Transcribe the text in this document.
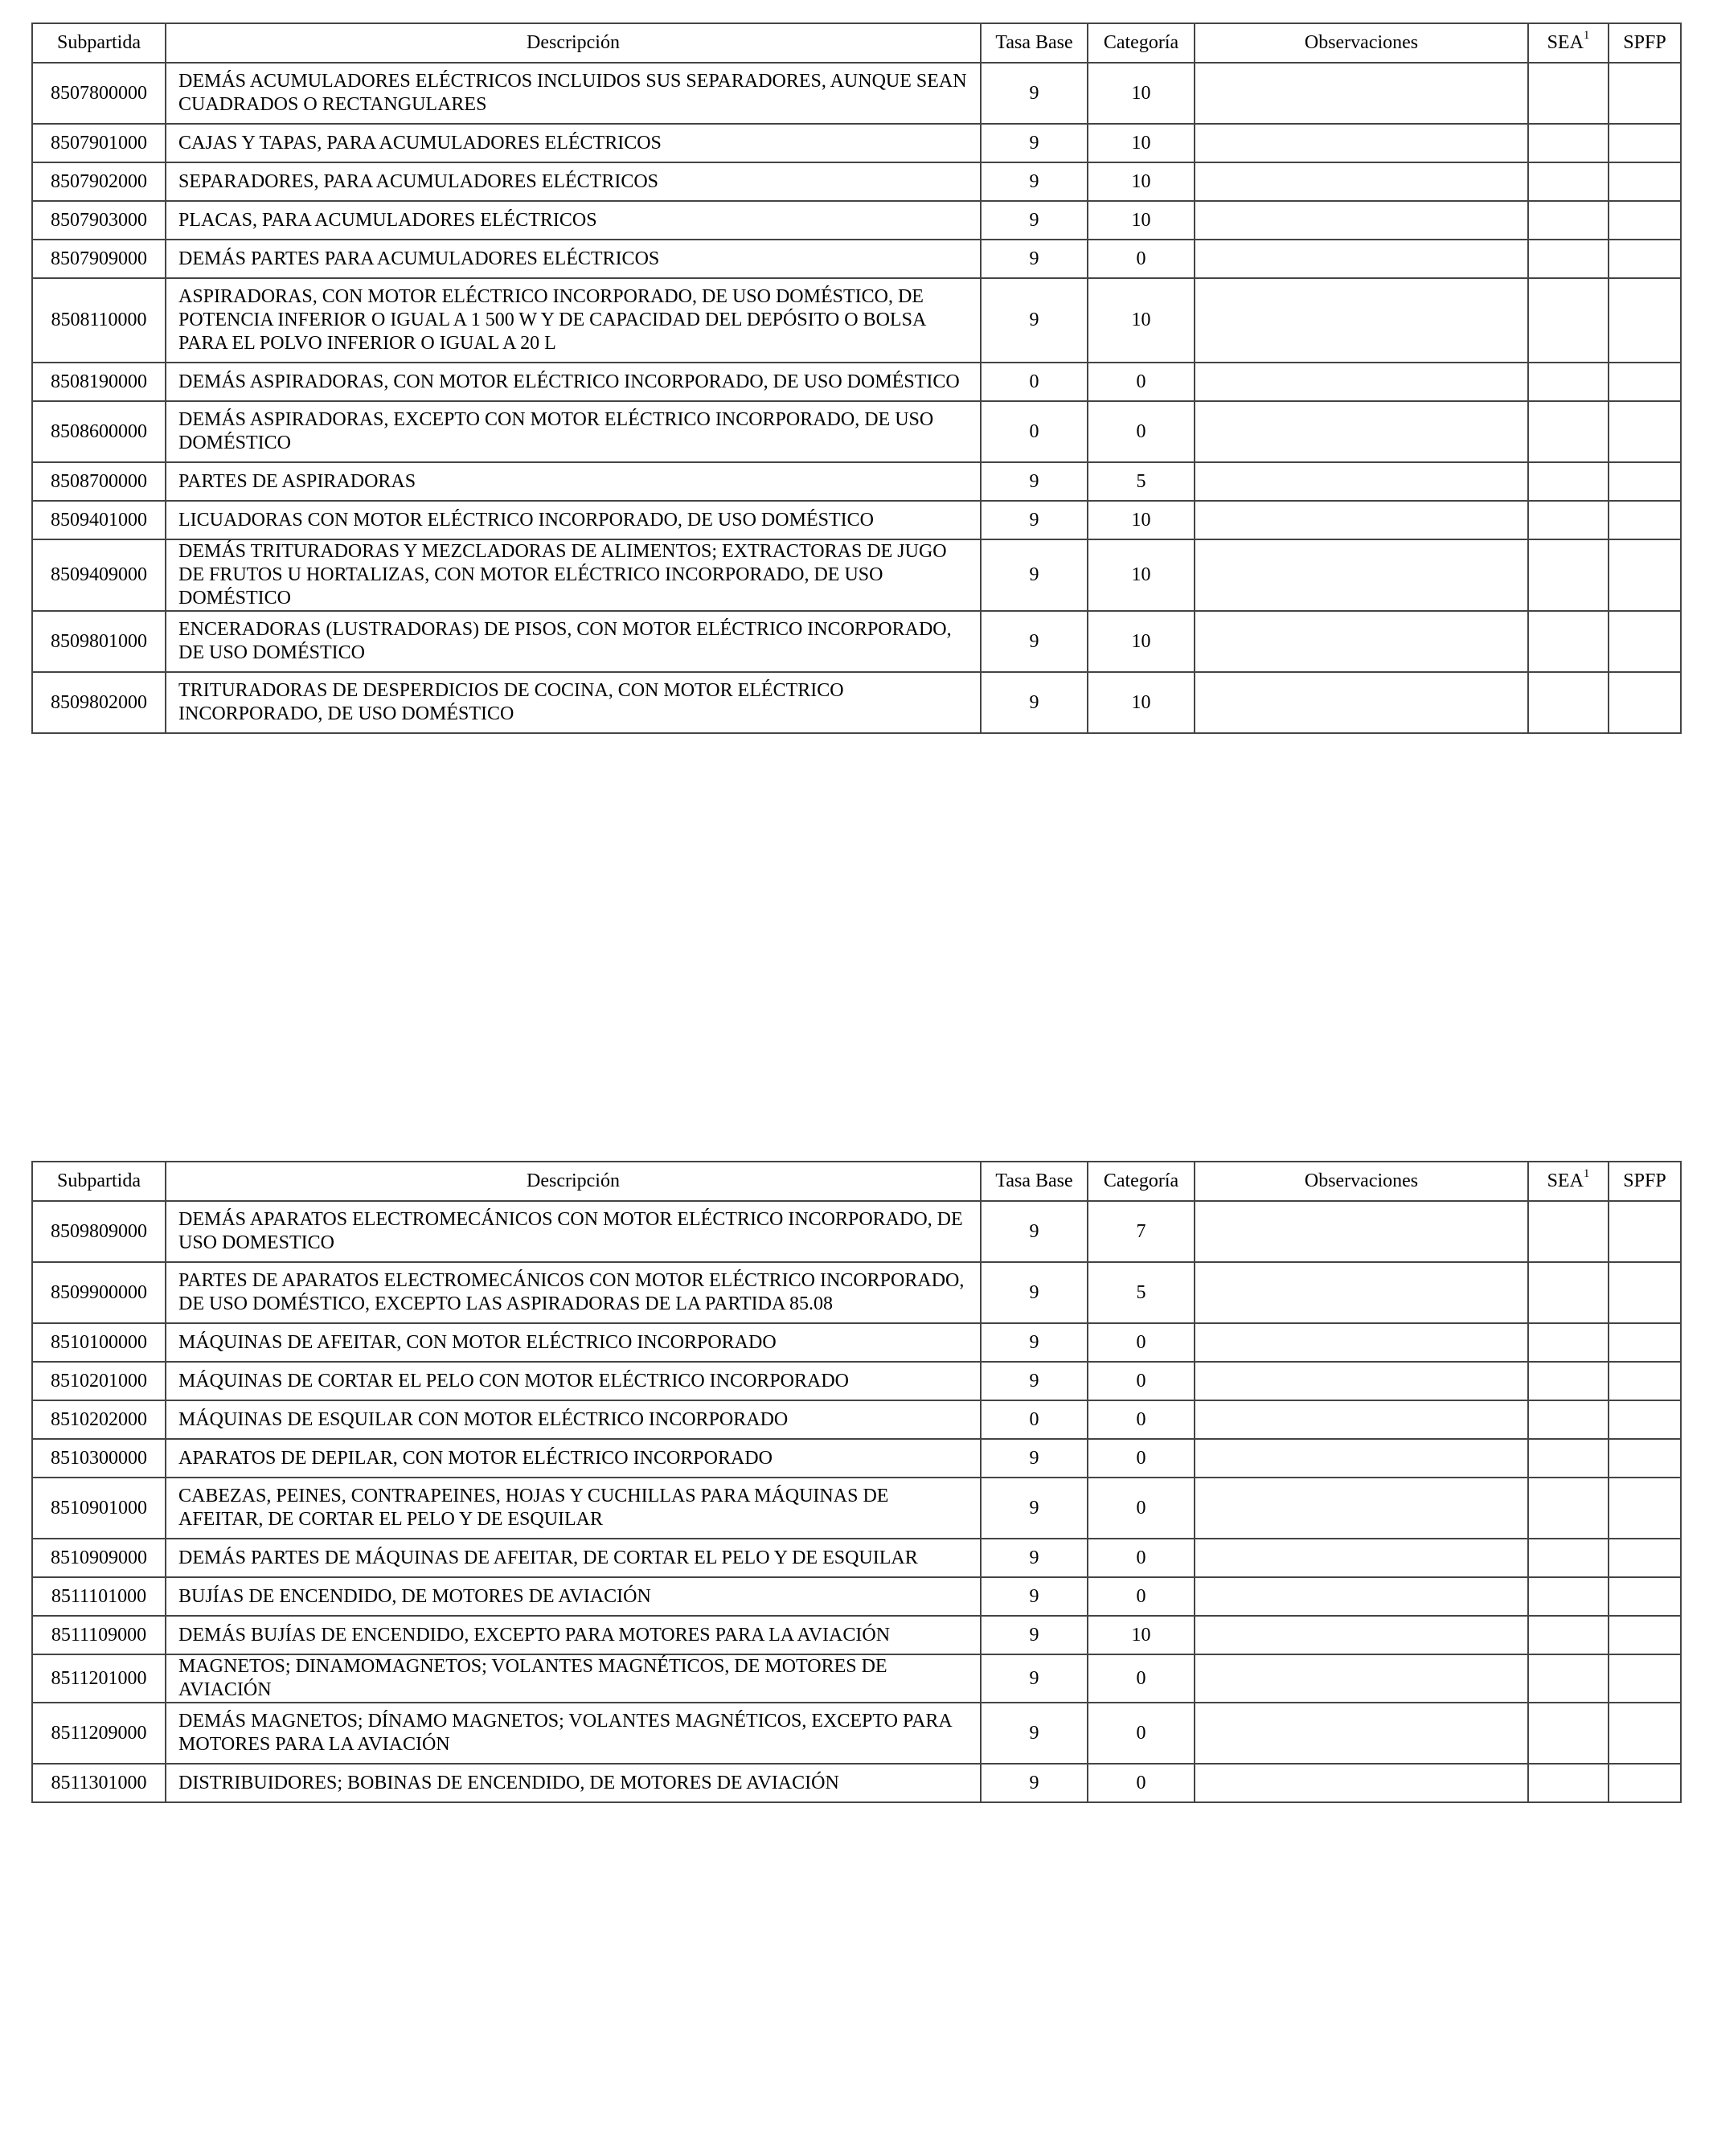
Subpartida	Descripción	Tasa Base	Categoría	Observaciones	SEA$^1$	SPFP
8507800000	DEMÁS ACUMULADORES ELÉCTRICOS INCLUIDOS SUS SEPARADORES, AUNQUE SEAN CUADRADOS O RECTANGULARES	9	10			
8507901000	CAJAS Y TAPAS, PARA ACUMULADORES ELÉCTRICOS	9	10			
8507902000	SEPARADORES, PARA ACUMULADORES ELÉCTRICOS	9	10			
8507903000	PLACAS, PARA ACUMULADORES ELÉCTRICOS	9	10			
8507909000	DEMÁS PARTES PARA ACUMULADORES ELÉCTRICOS	9	0			
8508110000	ASPIRADORAS, CON MOTOR ELÉCTRICO INCORPORADO, DE USO DOMÉSTICO, DE POTENCIA INFERIOR O IGUAL A 1 500 W Y DE CAPACIDAD DEL DEPÓSITO O BOLSA PARA EL POLVO INFERIOR O IGUAL A 20 L	9	10			
8508190000	DEMÁS ASPIRADORAS, CON MOTOR ELÉCTRICO INCORPORADO, DE USO DOMÉSTICO	0	0			
8508600000	DEMÁS ASPIRADORAS, EXCEPTO CON MOTOR ELÉCTRICO INCORPORADO, DE USO DOMÉSTICO	0	0			
8508700000	PARTES DE ASPIRADORAS	9	5			
8509401000	LICUADORAS CON MOTOR ELÉCTRICO INCORPORADO, DE USO DOMÉSTICO	9	10			
8509409000	DEMÁS TRITURADORAS Y MEZCLADORAS DE ALIMENTOS; EXTRACTORAS DE JUGO DE FRUTOS U HORTALIZAS, CON MOTOR ELÉCTRICO INCORPORADO, DE USO DOMÉSTICO	9	10			
8509801000	ENCERADORAS (LUSTRADORAS) DE PISOS, CON MOTOR ELÉCTRICO INCORPORADO, DE USO DOMÉSTICO	9	10			
8509802000	TRITURADORAS DE DESPERDICIOS DE COCINA, CON MOTOR ELÉCTRICO INCORPORADO, DE USO DOMÉSTICO	9	10			
Subpartida	Descripción	Tasa Base	Categoría	Observaciones	SEA$^1$	SPFP
8509809000	DEMÁS APARATOS ELECTROMECÁNICOS CON MOTOR ELÉCTRICO INCORPORADO, DE USO DOMESTICO	9	7			
8509900000	PARTES DE APARATOS ELECTROMECÁNICOS CON MOTOR ELÉCTRICO INCORPORADO, DE USO DOMÉSTICO, EXCEPTO LAS ASPIRADORAS DE LA PARTIDA 85.08	9	5			
8510100000	MÁQUINAS DE AFEITAR, CON MOTOR ELÉCTRICO INCORPORADO	9	0			
8510201000	MÁQUINAS DE CORTAR EL PELO CON MOTOR ELÉCTRICO INCORPORADO	9	0			
8510202000	MÁQUINAS DE ESQUILAR CON MOTOR ELÉCTRICO INCORPORADO	0	0			
8510300000	APARATOS DE DEPILAR, CON MOTOR ELÉCTRICO INCORPORADO	9	0			
8510901000	CABEZAS, PEINES, CONTRAPEINES, HOJAS Y CUCHILLAS PARA MÁQUINAS DE AFEITAR, DE CORTAR EL PELO Y DE ESQUILAR	9	0			
8510909000	DEMÁS PARTES DE MÁQUINAS DE AFEITAR, DE CORTAR EL PELO Y DE ESQUILAR	9	0			
8511101000	BUJÍAS DE ENCENDIDO, DE MOTORES DE AVIACIÓN	9	0			
8511109000	DEMÁS BUJÍAS DE ENCENDIDO, EXCEPTO PARA MOTORES PARA LA AVIACIÓN	9	10			
8511201000	MAGNETOS; DINAMOMAGNETOS; VOLANTES MAGNÉTICOS, DE MOTORES DE AVIACIÓN	9	0			
8511209000	DEMÁS MAGNETOS; DÍNAMO MAGNETOS; VOLANTES MAGNÉTICOS, EXCEPTO PARA MOTORES PARA LA AVIACIÓN	9	0			
8511301000	DISTRIBUIDORES; BOBINAS DE ENCENDIDO, DE MOTORES DE AVIACIÓN	9	0			
